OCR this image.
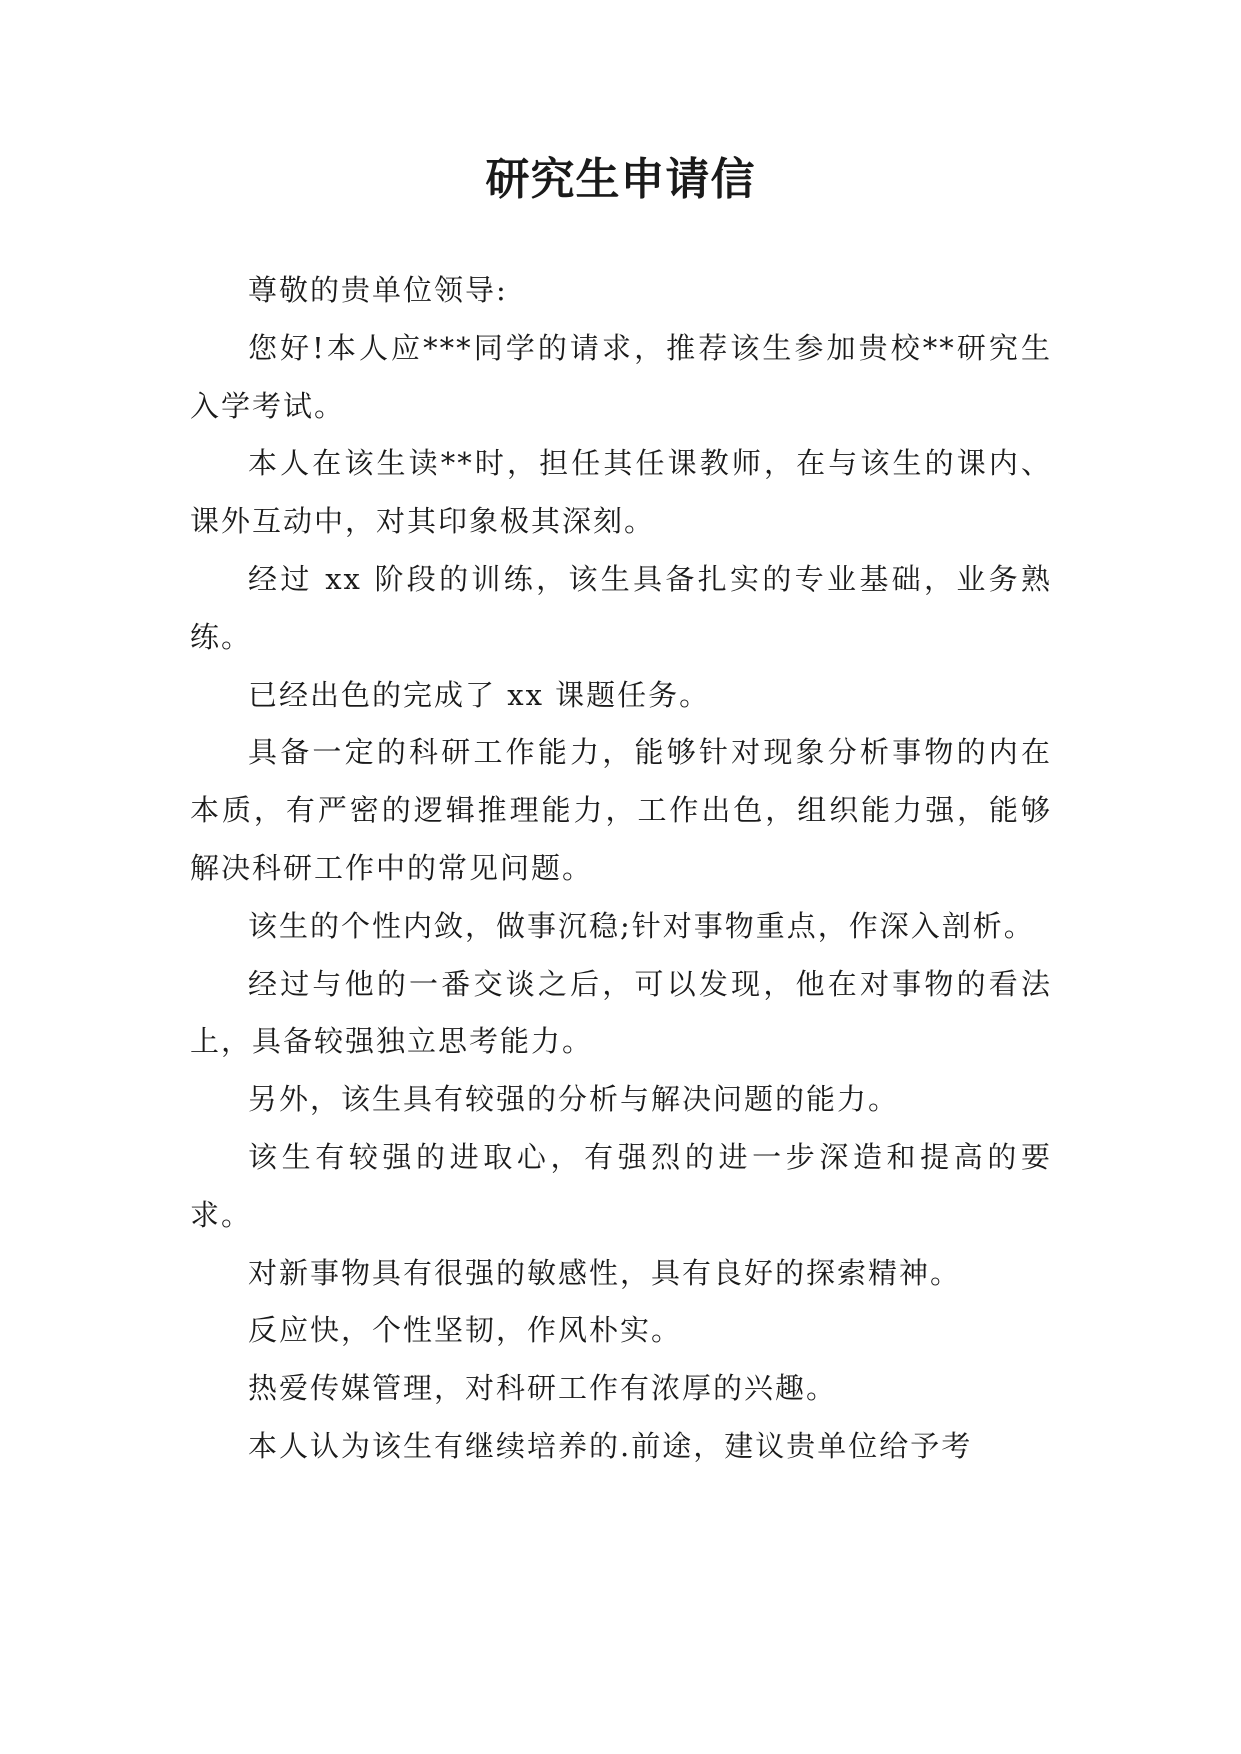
研究生申请信

尊敬的贵单位领导:

您好!本人应***同学的请求，推荐该生参加贵校**研究生入学考试。

本人在该生读**时，担任其任课教师，在与该生的课内、课外互动中，对其印象极其深刻。

经过 xx 阶段的训练，该生具备扎实的专业基础，业务熟练。

已经出色的完成了 xx 课题任务。

具备一定的科研工作能力，能够针对现象分析事物的内在本质，有严密的逻辑推理能力，工作出色，组织能力强，能够解决科研工作中的常见问题。

该生的个性内敛，做事沉稳;针对事物重点，作深入剖析。

经过与他的一番交谈之后，可以发现，他在对事物的看法上，具备较强独立思考能力。

另外，该生具有较强的分析与解决问题的能力。

该生有较强的进取心，有强烈的进一步深造和提高的要求。

对新事物具有很强的敏感性，具有良好的探索精神。

反应快，个性坚韧，作风朴实。

热爱传媒管理，对科研工作有浓厚的兴趣。

本人认为该生有继续培养的.前途，建议贵单位给予考
